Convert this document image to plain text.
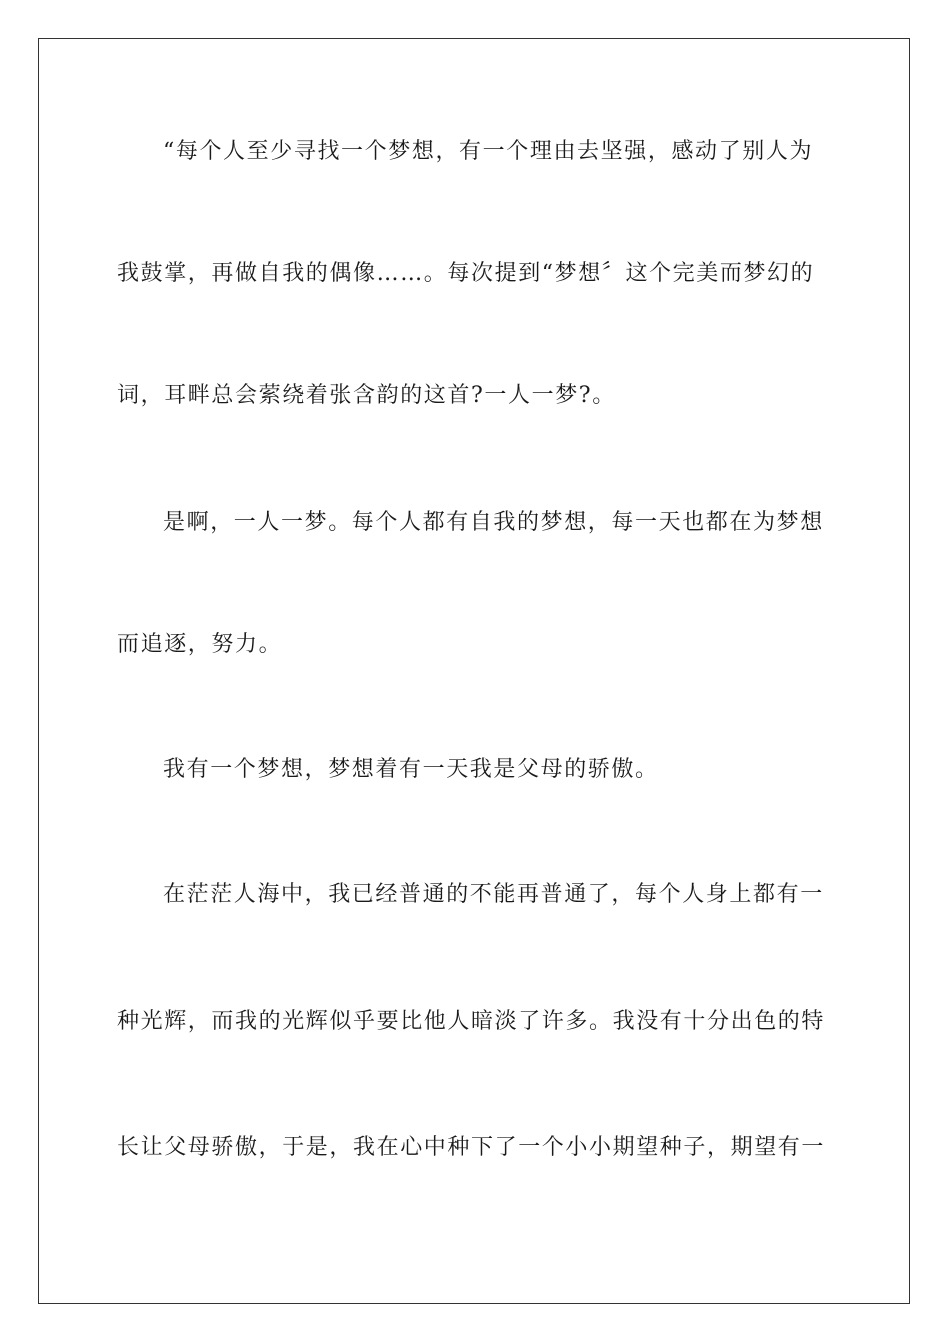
“每个人至少寻找一个梦想，有一个理由去坚强，感动了别人为
我鼓掌，再做自我的偶像……。每次提到“梦想〞这个完美而梦幻的
词，耳畔总会萦绕着张含韵的这首?一人一梦?。
是啊，一人一梦。每个人都有自我的梦想，每一天也都在为梦想
而追逐，努力。
我有一个梦想，梦想着有一天我是父母的骄傲。
在茫茫人海中，我已经普通的不能再普通了，每个人身上都有一
种光辉，而我的光辉似乎要比他人暗淡了许多。我没有十分出色的特
长让父母骄傲，于是，我在心中种下了一个小小期望种子，期望有一
